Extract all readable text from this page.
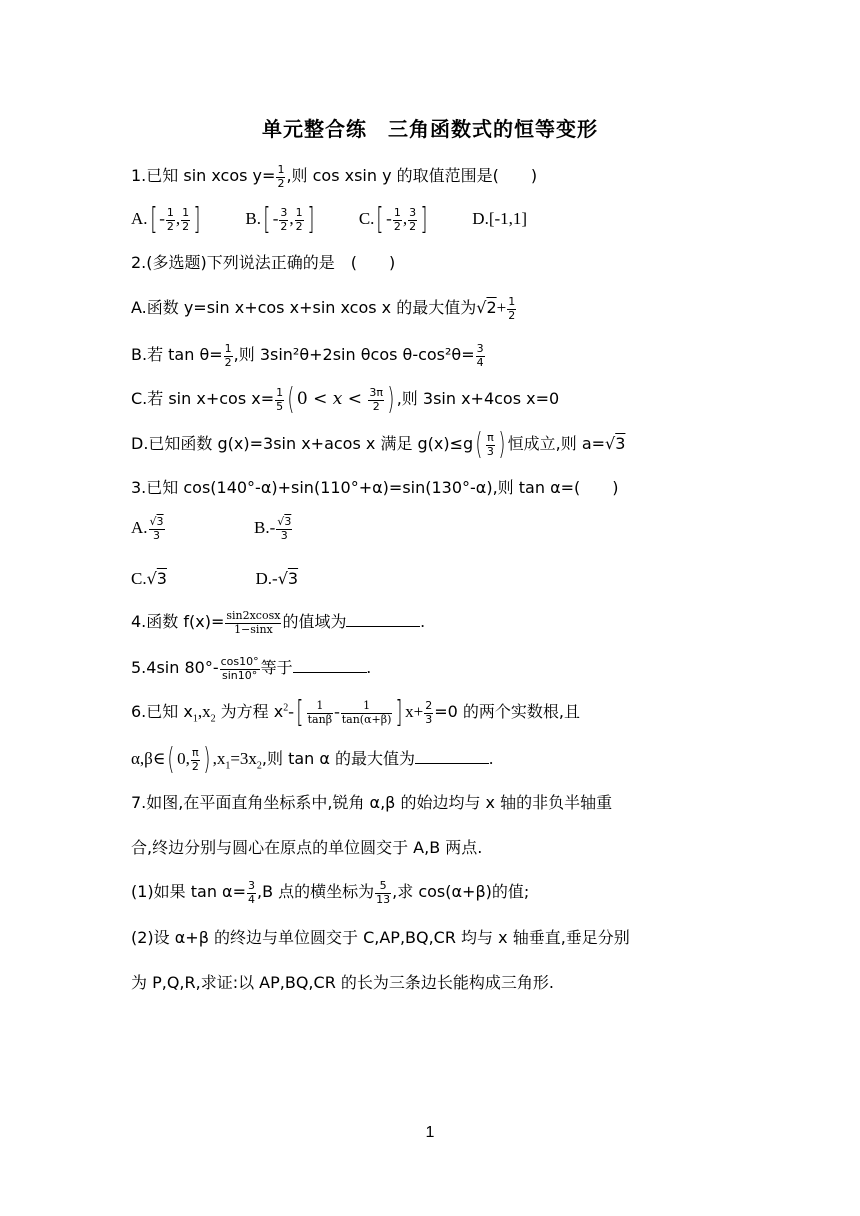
单元整合练　三角函数式的恒等变形
1.已知 sin xcos $y= \frac{1}{2}$ ,则 cos xsin y 的取值范围是(　　)
$A.[ - \frac{1}{2}$ , $\frac{1}{2}$ ]	$B.[ - \frac{3}{2}$ , $\frac{1}{2}$ ]	$C.[ - \frac{1}{2}$ , $\frac{3}{2}$ ]	D.[-1,1]
2.(多选题)下列说法正确的是　(　　)
A.函数 y=sin x+cos x+sin xcos x 的最大值为$√2+ \frac{1}{2}$
B.若 $\tan \theta= \frac{1}{2}$ ,则 3sin²θ+2sin θcos $\theta-\cos^2\theta= \frac{3}{4}$
C.若 sin x+cos $x= \frac{1}{5}$ ( $0 < x < \frac{3\pi}{2}$ ) ,则 3sin x+4cos x=0
D.已知函数 g(x)=3sin x+acos x 满足 $g(x)\le g( \frac{\pi}{3}$ ) 恒成立,则 a=√3
3.已知 cos(140°-α)+sin(110°+α)=sin(130°-α),则 tan α=(　　)
A. $\frac{√3}{3}$	$B.- \frac{√3}{3}$
C.√3	D.-√3
4.函数 $f(x)= \frac{\sin 2xcosx}{1-\sin x}$ 的值域为	.
5.4sin $80^\circ- \frac{\cos 10^\circ}{\sin 10^\circ}$ 等于	.
6.已知 $x_1,x_2$ 为方程 $x^2-[ \frac{1}{\tan\beta} - \frac{1}{\tan(\alpha+\beta)}$ ] $x+ \frac{2}{3} =0$ 的两个实数根,且
α,β∈( 0, $\frac{\pi}{2}$ ) $,x_1=3x_2$,则 tan α 的最大值为	.
7.如图,在平面直角坐标系中,锐角 α,β 的始边均与 x 轴的非负半轴重
合,终边分别与圆心在原点的单位圆交于 A,B 两点.
(1)如果 $\tan \alpha= \frac{3}{4} ,B$ 点的横坐标为 $\frac{5}{13}$ ,求 cos(α+β)的值;
(2)设 α+β 的终边与单位圆交于 C,AP,BQ,CR 均与 x 轴垂直,垂足分别
为 P,Q,R,求证:以 AP,BQ,CR 的长为三条边长能构成三角形.
1
